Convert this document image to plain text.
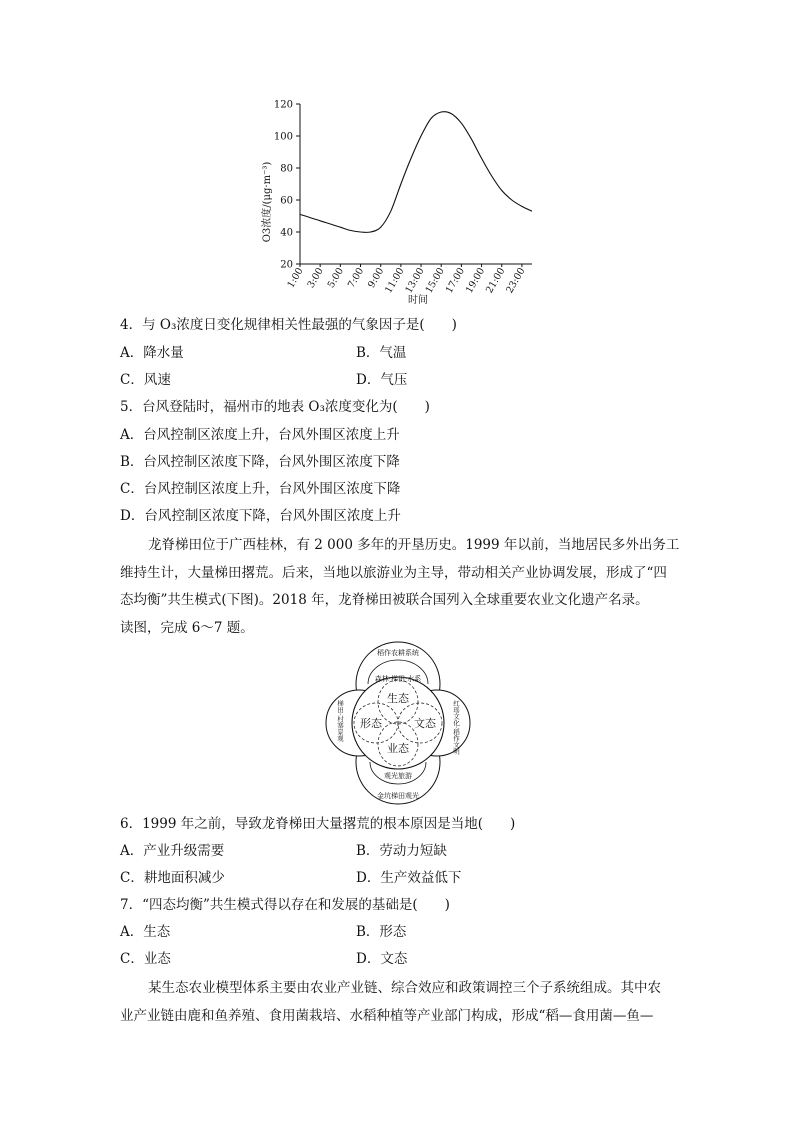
20
40
60
80
100
120
1:00 3:00 5:00 7:00 9:00
11:00
13:00
15:00
17:00
19:00
21:00
23:00
O3浓度/(μg·m⁻³)
时间
4．与 O₃浓度日变化规律相关性最强的气象因子是(　　)
A．降水量	B．气温
C．风速	D．气压
5．台风登陆时，福州市的地表 O₃浓度变化为(　　)
A．台风控制区浓度上升，台风外围区浓度上升
B．台风控制区浓度下降，台风外围区浓度下降
C．台风控制区浓度上升，台风外围区浓度下降
D．台风控制区浓度下降，台风外围区浓度上升
龙脊梯田位于广西桂林，有 2 000 多年的开垦历史。1999 年以前，当地居民多外出务工
维持生计，大量梯田撂荒。后来，当地以旅游业为主导，带动相关产业协调发展，形成了“四
态均衡”共生模式(下图)。2018 年，龙脊梯田被联合国列入全球重要农业文化遗产名录。
读图，完成 6～7 题。
稻作农耕系统
森林·梯田·水系
观光旅游
金坑梯田观光
梯田·村寨景观	红瑶文化·稻作文明
生态
形态	文态
业态
6．1999 年之前，导致龙脊梯田大量撂荒的根本原因是当地(　　)
A．产业升级需要	B．劳动力短缺
C．耕地面积减少	D．生产效益低下
7．“四态均衡”共生模式得以存在和发展的基础是(　　)
A．生态	B．形态
C．业态	D．文态
某生态农业模型体系主要由农业产业链、综合效应和政策调控三个子系统组成。其中农
业产业链由鹿和鱼养殖、食用菌栽培、水稻种植等产业部门构成，形成“稻—食用菌—鱼—
